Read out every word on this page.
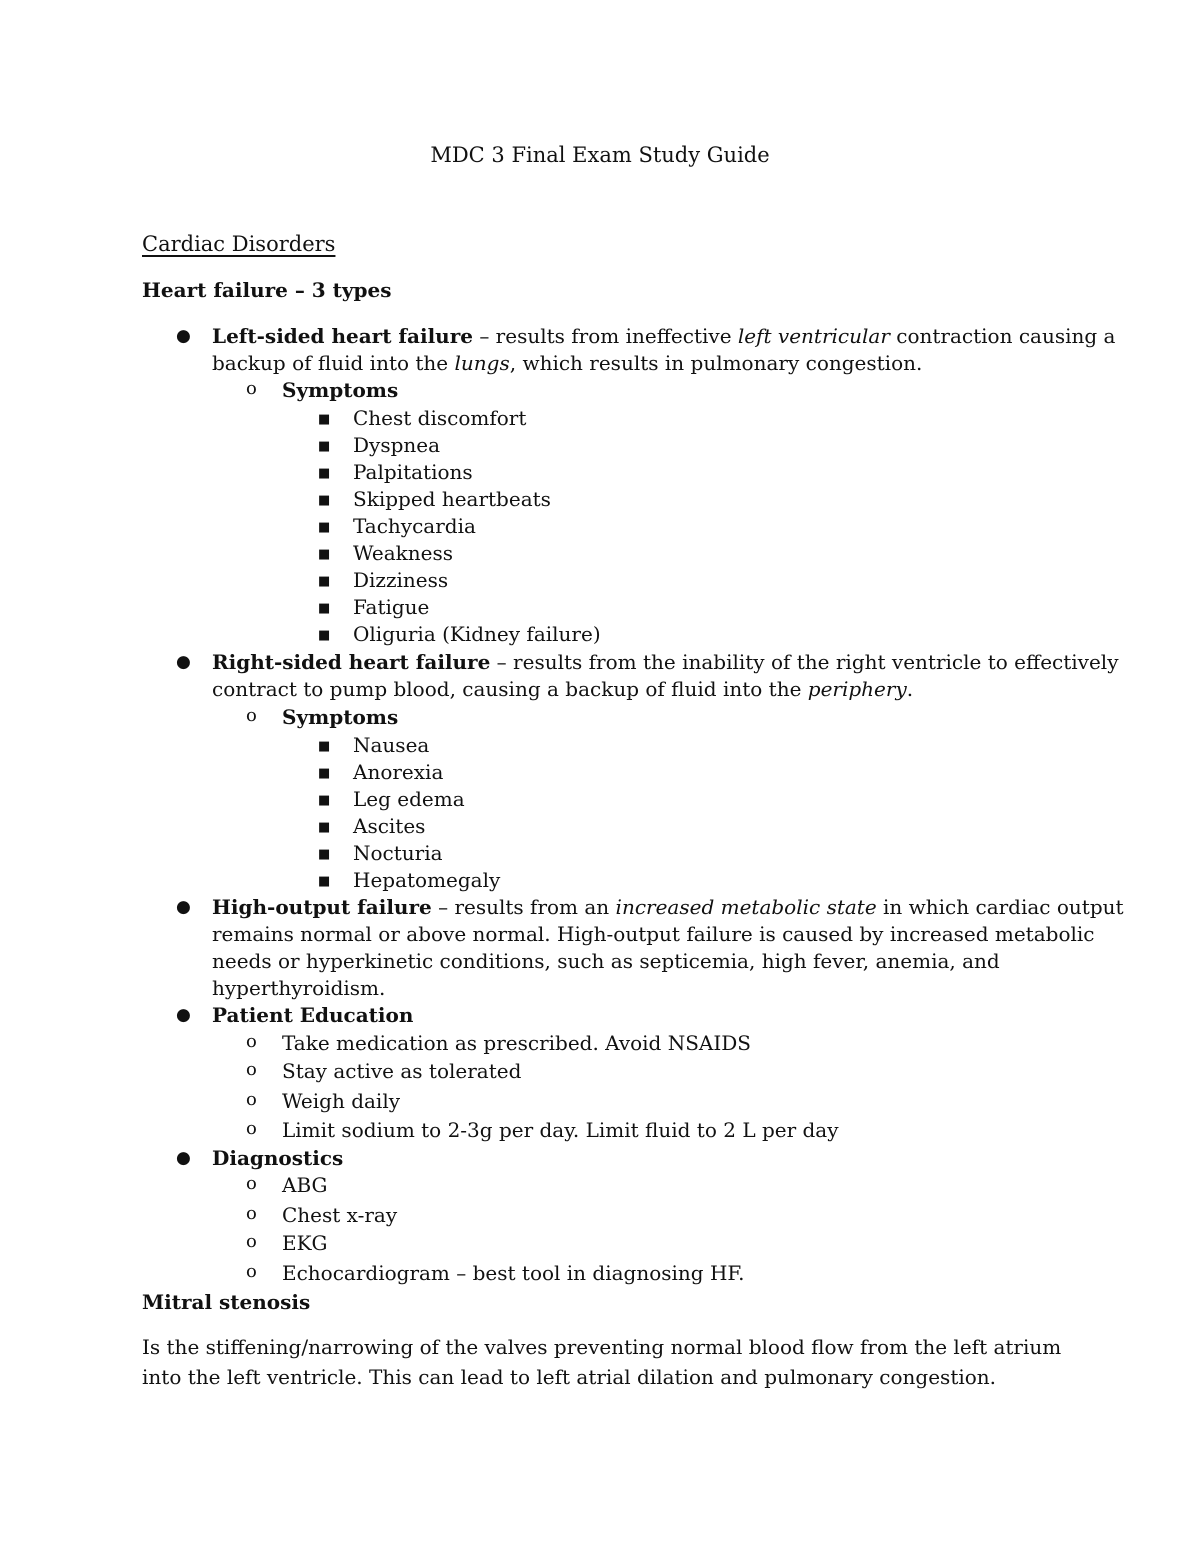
MDC 3 Final Exam Study Guide
Cardiac Disorders
Heart failure – 3 types
● Left-sided heart failure – results from ineffective left ventricular contraction causing a
backup of fluid into the lungs, which results in pulmonary congestion.
o Symptoms
■ Chest discomfort
■ Dyspnea
■ Palpitations
■ Skipped heartbeats
■ Tachycardia
■ Weakness
■ Dizziness
■ Fatigue
■ Oliguria (Kidney failure)
● Right-sided heart failure – results from the inability of the right ventricle to effectively
contract to pump blood, causing a backup of fluid into the periphery.
o Symptoms
■ Nausea
■ Anorexia
■ Leg edema
■ Ascites
■ Nocturia
■ Hepatomegaly
● High-output failure – results from an increased metabolic state in which cardiac output
remains normal or above normal. High-output failure is caused by increased metabolic
needs or hyperkinetic conditions, such as septicemia, high fever, anemia, and
hyperthyroidism.
● Patient Education
o Take medication as prescribed. Avoid NSAIDS
o Stay active as tolerated
o Weigh daily
o Limit sodium to 2-3g per day. Limit fluid to 2 L per day
● Diagnostics
o ABG
o Chest x-ray
o EKG
o Echocardiogram – best tool in diagnosing HF.
Mitral stenosis
Is the stiffening/narrowing of the valves preventing normal blood flow from the left atrium into the left ventricle. This can lead to left atrial dilation and pulmonary congestion.
